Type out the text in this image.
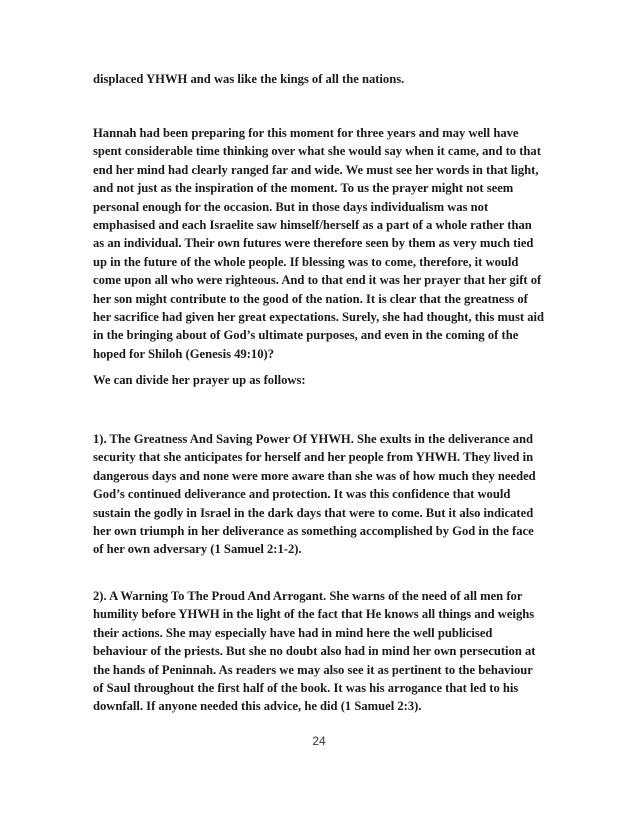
displaced YHWH and was like the kings of all the nations.

Hannah had been preparing for this moment for three years and may well have
spent considerable time thinking over what she would say when it came, and to that
end her mind had clearly ranged far and wide. We must see her words in that light,
and not just as the inspiration of the moment. To us the prayer might not seem
personal enough for the occasion. But in those days individualism was not
emphasised and each Israelite saw himself/herself as a part of a whole rather than
as an individual. Their own futures were therefore seen by them as very much tied
up in the future of the whole people. If blessing was to come, therefore, it would
come upon all who were righteous. And to that end it was her prayer that her gift of
her son might contribute to the good of the nation. It is clear that the greatness of
her sacrifice had given her great expectations. Surely, she had thought, this must aid
in the bringing about of God’s ultimate purposes, and even in the coming of the
hoped for Shiloh (Genesis 49:10)?

We can divide her prayer up as follows:

1). The Greatness And Saving Power Of YHWH. She exults in the deliverance and
security that she anticipates for herself and her people from YHWH. They lived in
dangerous days and none were more aware than she was of how much they needed
God’s continued deliverance and protection. It was this confidence that would
sustain the godly in Israel in the dark days that were to come. But it also indicated
her own triumph in her deliverance as something accomplished by God in the face
of her own adversary (1 Samuel 2:1-2).

2). A Warning To The Proud And Arrogant. She warns of the need of all men for
humility before YHWH in the light of the fact that He knows all things and weighs
their actions. She may especially have had in mind here the well publicised
behaviour of the priests. But she no doubt also had in mind her own persecution at
the hands of Peninnah. As readers we may also see it as pertinent to the behaviour
of Saul throughout the first half of the book. It was his arrogance that led to his
downfall. If anyone needed this advice, he did (1 Samuel 2:3).

24
